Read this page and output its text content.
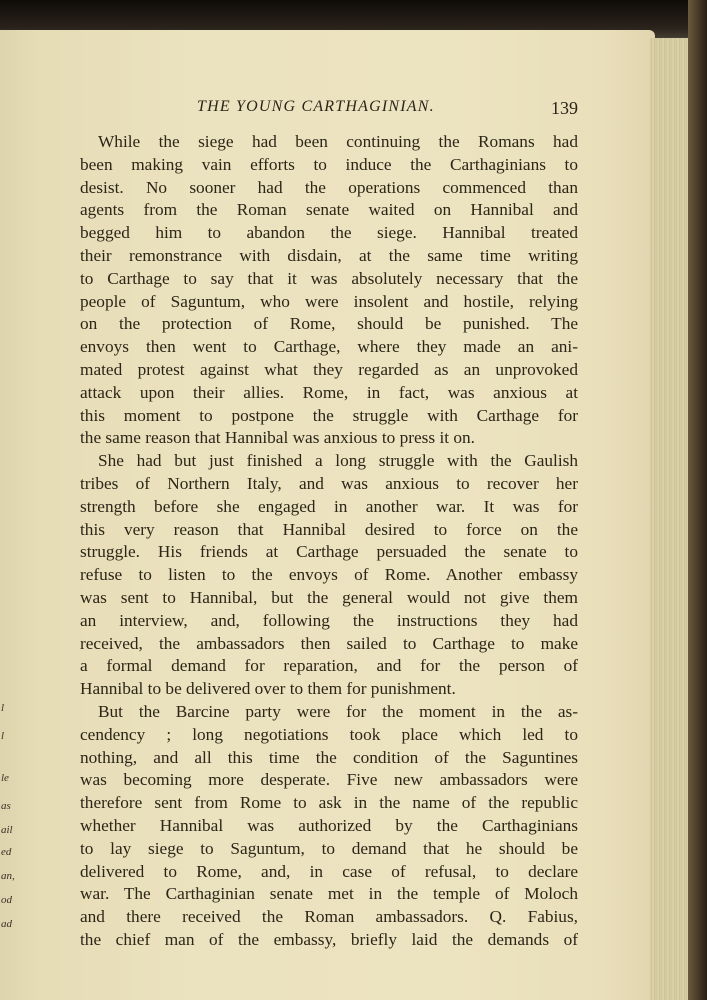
l
l
le
as
ail
ed
an,
od
ad
THE YOUNG CARTHAGINIAN.	139
While the siege had been continuing the Romans had
been making vain efforts to induce the Carthaginians to
desist. No sooner had the operations commenced than
agents from the Roman senate waited on Hannibal and
begged him to abandon the siege. Hannibal treated
their remonstrance with disdain, at the same time writing
to Carthage to say that it was absolutely necessary that the
people of Saguntum, who were insolent and hostile, relying
on the protection of Rome, should be punished. The
envoys then went to Carthage, where they made an ani-
mated protest against what they regarded as an unprovoked
attack upon their allies. Rome, in fact, was anxious at
this moment to postpone the struggle with Carthage for
the same reason that Hannibal was anxious to press it on.
She had but just finished a long struggle with the Gaulish
tribes of Northern Italy, and was anxious to recover her
strength before she engaged in another war. It was for
this very reason that Hannibal desired to force on the
struggle. His friends at Carthage persuaded the senate to
refuse to listen to the envoys of Rome. Another embassy
was sent to Hannibal, but the general would not give them
an interview, and, following the instructions they had
received, the ambassadors then sailed to Carthage to make
a formal demand for reparation, and for the person of
Hannibal to be delivered over to them for punishment.
But the Barcine party were for the moment in the as-
cendency ; long negotiations took place which led to
nothing, and all this time the condition of the Saguntines
was becoming more desperate. Five new ambassadors were
therefore sent from Rome to ask in the name of the republic
whether Hannibal was authorized by the Carthaginians
to lay siege to Saguntum, to demand that he should be
delivered to Rome, and, in case of refusal, to declare
war. The Carthaginian senate met in the temple of Moloch
and there received the Roman ambassadors. Q. Fabius,
the chief man of the embassy, briefly laid the demands of
